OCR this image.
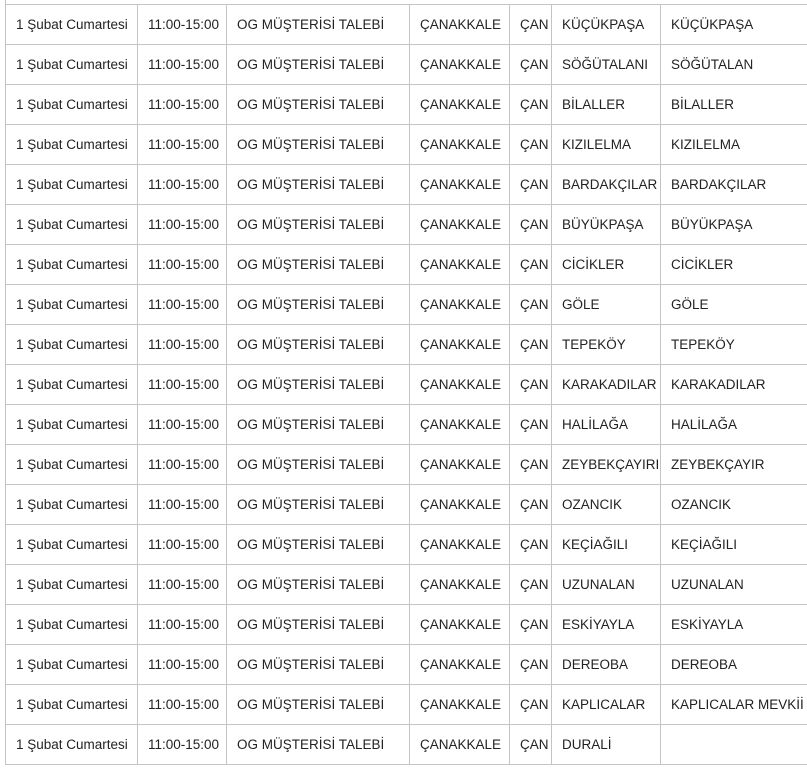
1 Şubat Cumartesi	11:00-15:00	OG MÜŞTERİSİ TALEBİ	ÇANAKKALE	ÇAN	KÜÇÜKPAŞA	KÜÇÜKPAŞA
1 Şubat Cumartesi	11:00-15:00	OG MÜŞTERİSİ TALEBİ	ÇANAKKALE	ÇAN	SÖĞÜTALANI	SÖĞÜTALAN
1 Şubat Cumartesi	11:00-15:00	OG MÜŞTERİSİ TALEBİ	ÇANAKKALE	ÇAN	BİLALLER	BİLALLER
1 Şubat Cumartesi	11:00-15:00	OG MÜŞTERİSİ TALEBİ	ÇANAKKALE	ÇAN	KIZILELMA	KIZILELMA
1 Şubat Cumartesi	11:00-15:00	OG MÜŞTERİSİ TALEBİ	ÇANAKKALE	ÇAN	BARDAKÇILAR	BARDAKÇILAR
1 Şubat Cumartesi	11:00-15:00	OG MÜŞTERİSİ TALEBİ	ÇANAKKALE	ÇAN	BÜYÜKPAŞA	BÜYÜKPAŞA
1 Şubat Cumartesi	11:00-15:00	OG MÜŞTERİSİ TALEBİ	ÇANAKKALE	ÇAN	CİCİKLER	CİCİKLER
1 Şubat Cumartesi	11:00-15:00	OG MÜŞTERİSİ TALEBİ	ÇANAKKALE	ÇAN	GÖLE	GÖLE
1 Şubat Cumartesi	11:00-15:00	OG MÜŞTERİSİ TALEBİ	ÇANAKKALE	ÇAN	TEPEKÖY	TEPEKÖY
1 Şubat Cumartesi	11:00-15:00	OG MÜŞTERİSİ TALEBİ	ÇANAKKALE	ÇAN	KARAKADILAR	KARAKADILAR
1 Şubat Cumartesi	11:00-15:00	OG MÜŞTERİSİ TALEBİ	ÇANAKKALE	ÇAN	HALİLAĞA	HALİLAĞA
1 Şubat Cumartesi	11:00-15:00	OG MÜŞTERİSİ TALEBİ	ÇANAKKALE	ÇAN	ZEYBEKÇAYIRI	ZEYBEKÇAYIR
1 Şubat Cumartesi	11:00-15:00	OG MÜŞTERİSİ TALEBİ	ÇANAKKALE	ÇAN	OZANCIK	OZANCIK
1 Şubat Cumartesi	11:00-15:00	OG MÜŞTERİSİ TALEBİ	ÇANAKKALE	ÇAN	KEÇİAĞILI	KEÇİAĞILI
1 Şubat Cumartesi	11:00-15:00	OG MÜŞTERİSİ TALEBİ	ÇANAKKALE	ÇAN	UZUNALAN	UZUNALAN
1 Şubat Cumartesi	11:00-15:00	OG MÜŞTERİSİ TALEBİ	ÇANAKKALE	ÇAN	ESKİYAYLA	ESKİYAYLA
1 Şubat Cumartesi	11:00-15:00	OG MÜŞTERİSİ TALEBİ	ÇANAKKALE	ÇAN	DEREOBA	DEREOBA
1 Şubat Cumartesi	11:00-15:00	OG MÜŞTERİSİ TALEBİ	ÇANAKKALE	ÇAN	KAPLICALAR	KAPLICALAR MEVKİİ
1 Şubat Cumartesi	11:00-15:00	OG MÜŞTERİSİ TALEBİ	ÇANAKKALE	ÇAN	DURALİ	
